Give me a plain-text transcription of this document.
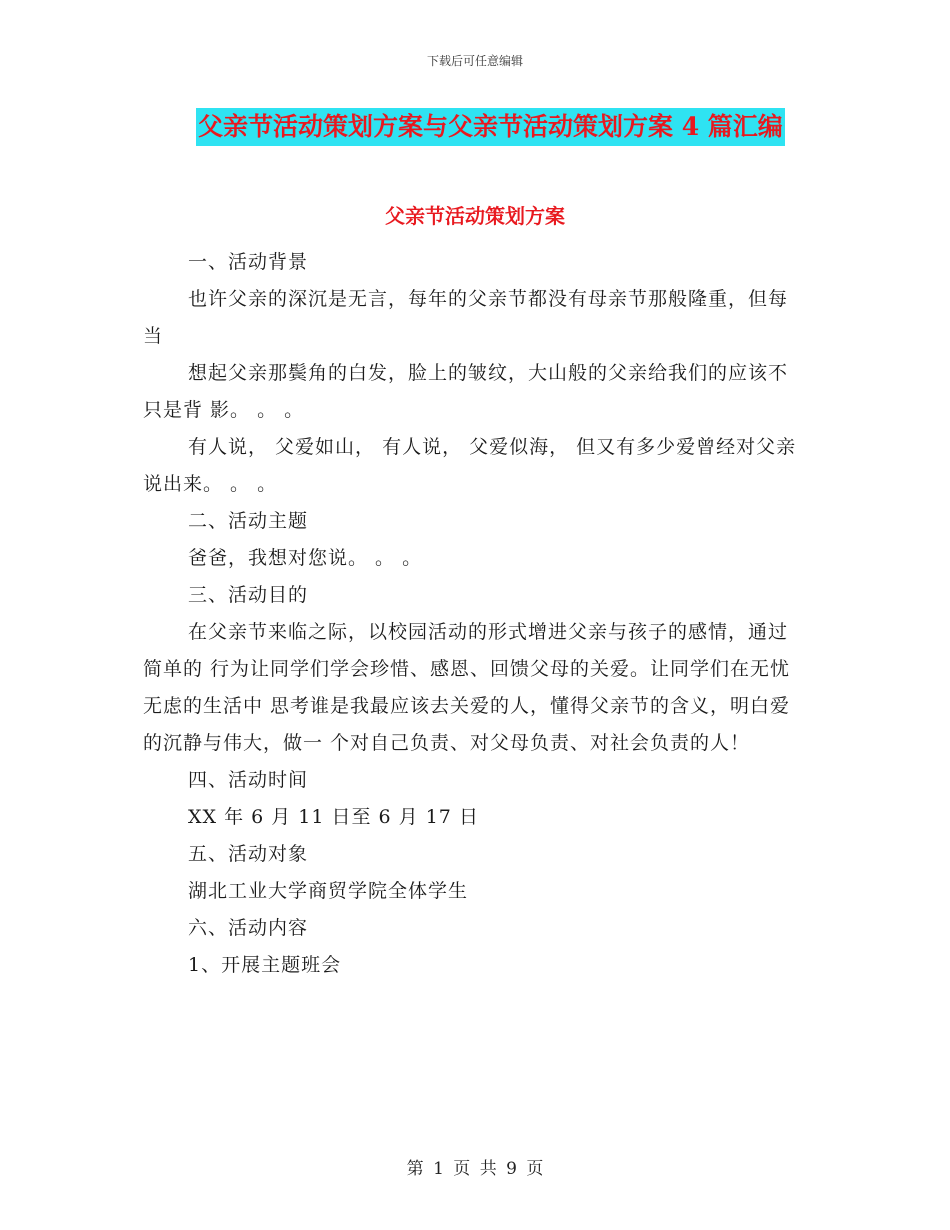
下载后可任意编辑
父亲节活动策划方案与父亲节活动策划方案 4 篇汇编
父亲节活动策划方案

一、活动背景

也许父亲的深沉是无言，每年的父亲节都没有母亲节那般隆重，但每当

想起父亲那鬓角的白发，脸上的皱纹，大山般的父亲给我们的应该不只是背 影。 。 。

有人说， 父爱如山， 有人说， 父爱似海， 但又有多少爱曾经对父亲说出来。 。 。

二、活动主题

爸爸，我想对您说。 。 。

三、活动目的

在父亲节来临之际，以校园活动的形式增进父亲与孩子的感情，通过简单的 行为让同学们学会珍惜、感恩、回馈父母的关爱。让同学们在无忧无虑的生活中 思考谁是我最应该去关爱的人，懂得父亲节的含义，明白爱的沉静与伟大，做一 个对自己负责、对父母负责、对社会负责的人！

四、活动时间

XX 年 6 月 11 日至 6 月 17 日

五、活动对象

湖北工业大学商贸学院全体学生

六、活动内容

1、开展主题班会

第 1 页 共 9 页
